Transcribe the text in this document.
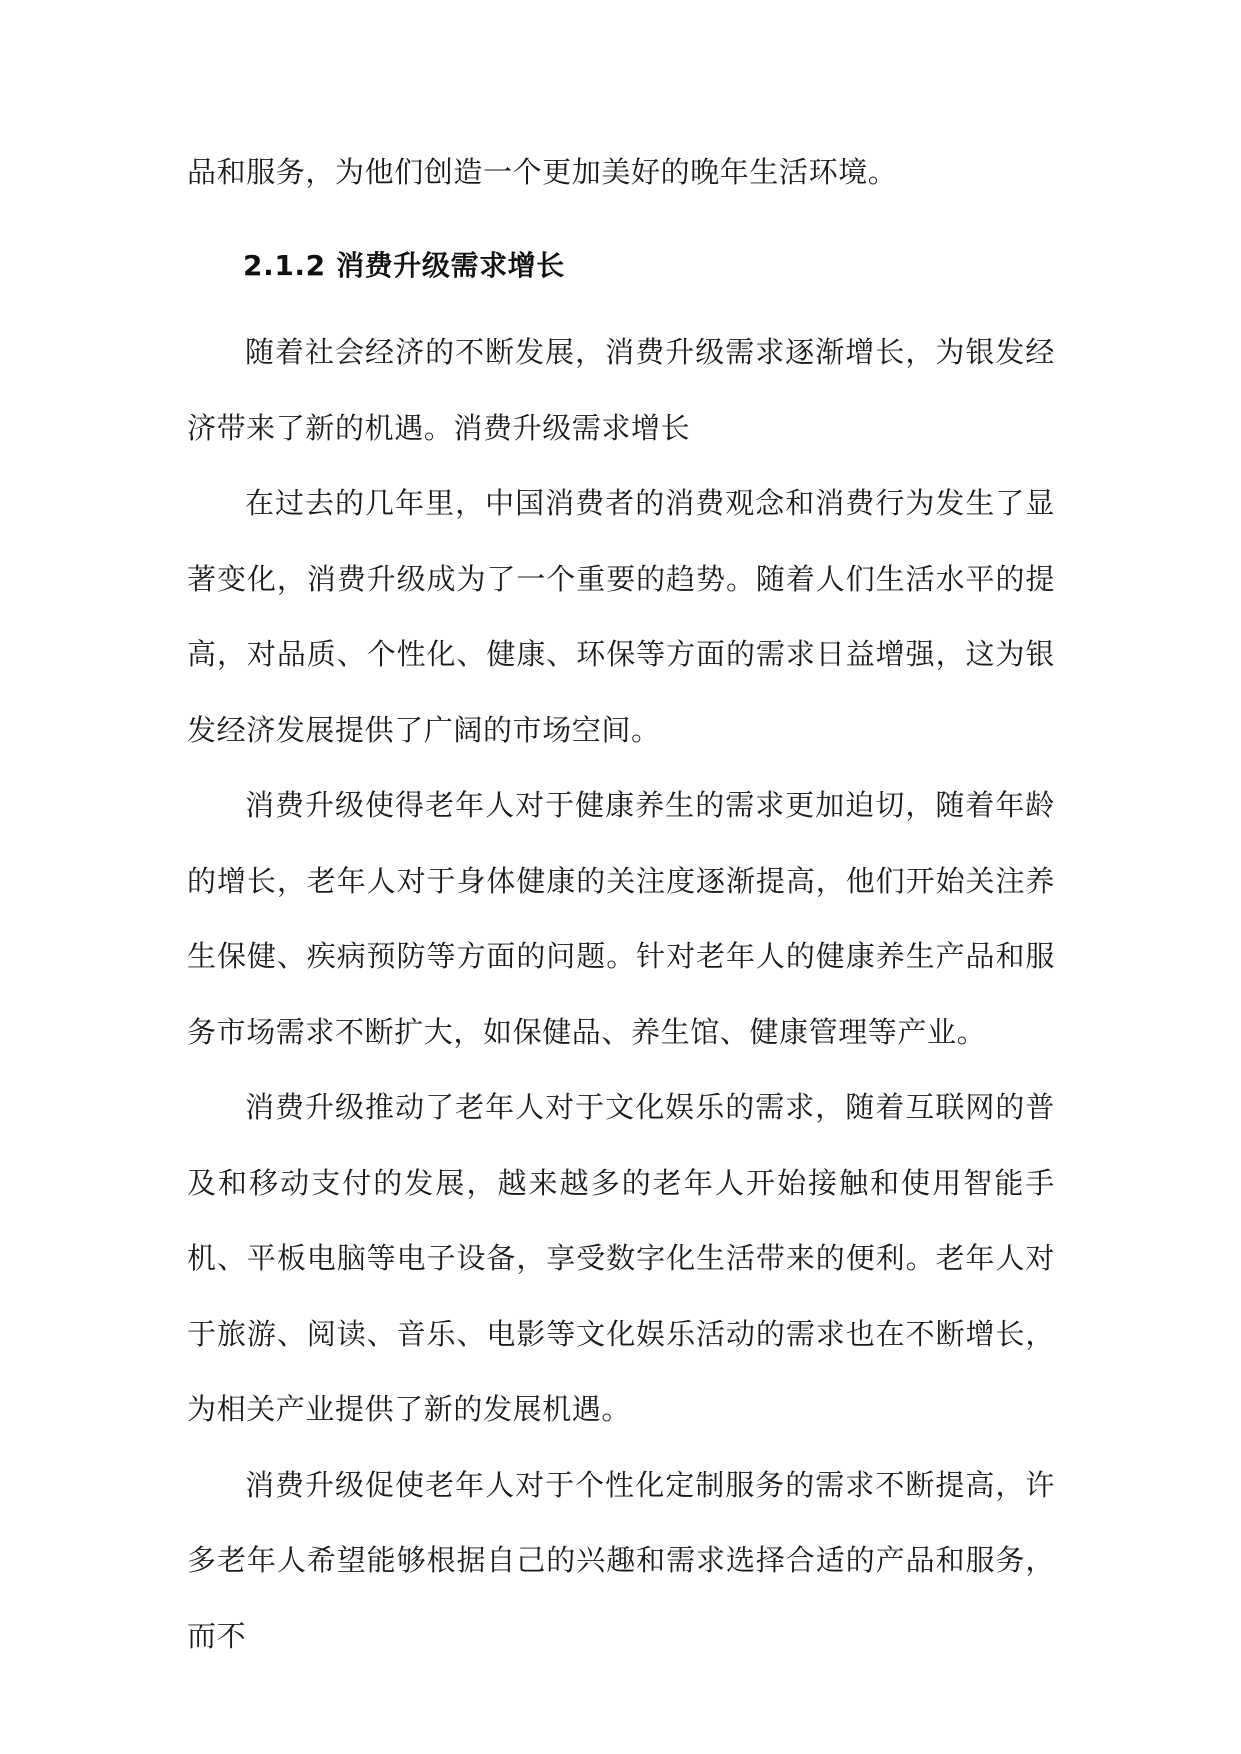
品和服务，为他们创造一个更加美好的晚年生活环境。
2.1.2 消费升级需求增长

随着社会经济的不断发展，消费升级需求逐渐增长，为银发经济带来了新的机遇。消费升级需求增长

在过去的几年里，中国消费者的消费观念和消费行为发生了显著变化，消费升级成为了一个重要的趋势。随着人们生活水平的提高，对品质、个性化、健康、环保等方面的需求日益增强，这为银发经济发展提供了广阔的市场空间。

消费升级使得老年人对于健康养生的需求更加迫切，随着年龄的增长，老年人对于身体健康的关注度逐渐提高，他们开始关注养生保健、疾病预防等方面的问题。针对老年人的健康养生产品和服务市场需求不断扩大，如保健品、养生馆、健康管理等产业。

消费升级推动了老年人对于文化娱乐的需求，随着互联网的普及和移动支付的发展，越来越多的老年人开始接触和使用智能手机、平板电脑等电子设备，享受数字化生活带来的便利。老年人对于旅游、阅读、音乐、电影等文化娱乐活动的需求也在不断增长，为相关产业提供了新的发展机遇。

消费升级促使老年人对于个性化定制服务的需求不断提高，许多老年人希望能够根据自己的兴趣和需求选择合适的产品和服务，而不
